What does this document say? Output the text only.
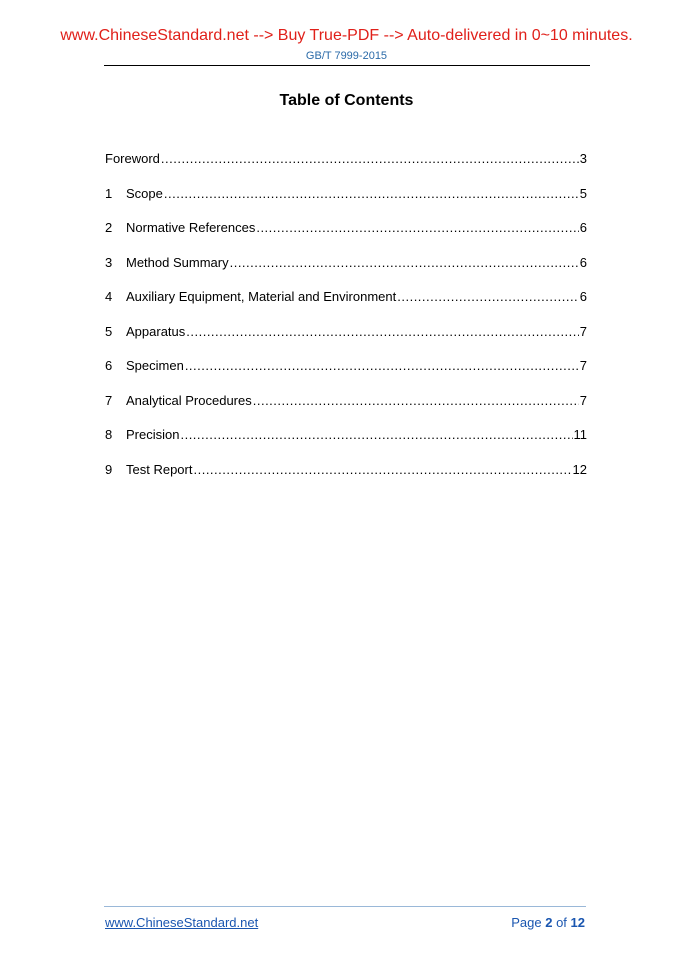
www.ChineseStandard.net --> Buy True-PDF --> Auto-delivered in 0~10 minutes.
GB/T 7999-2015
Table of Contents
Foreword .....	3
1	Scope .....	5
2	Normative References .....	6
3	Method Summary .....	6
4	Auxiliary Equipment, Material and Environment .....	6
5	Apparatus .....	7
6	Specimen .....	7
7	Analytical Procedures .....	7
8	Precision .....	11
9	Test Report .....	12
www.ChineseStandard.net	Page 2 of 12
